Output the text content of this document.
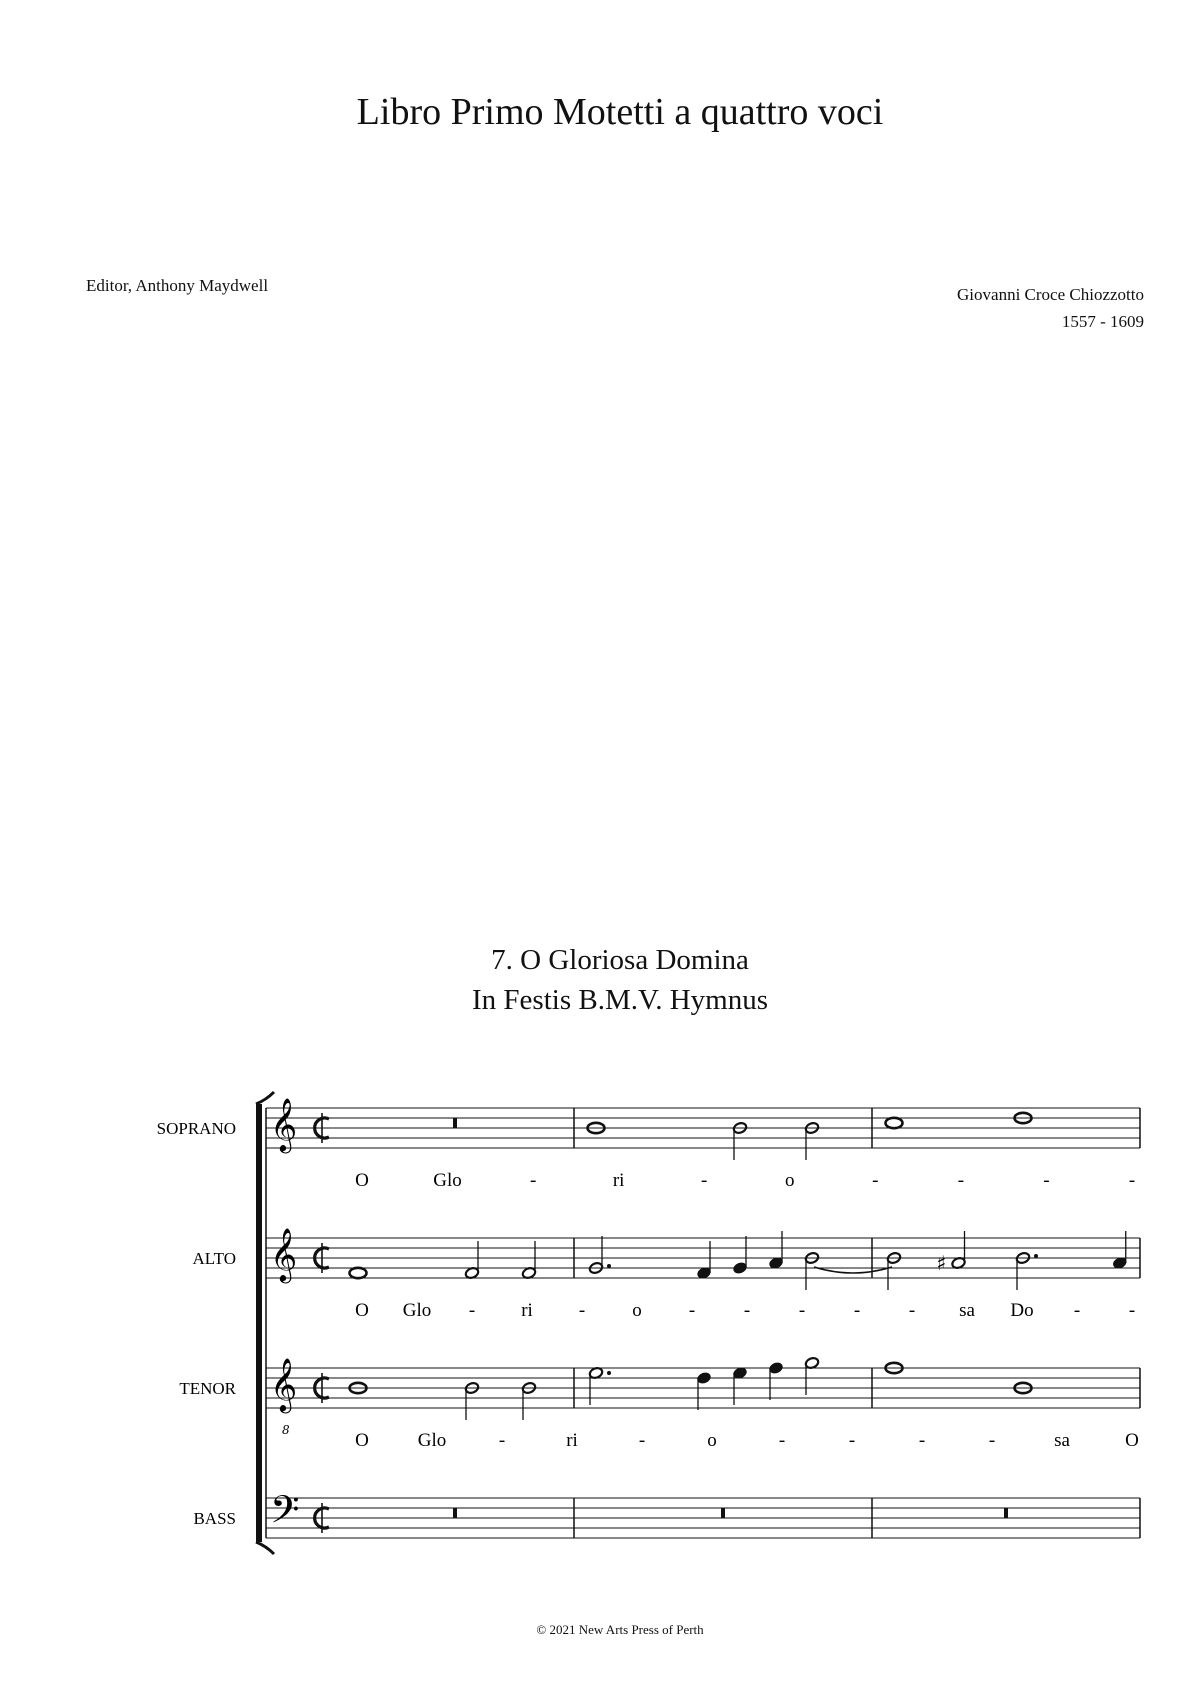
Libro Primo Motetti a quattro voci
Editor, Anthony Maydwell	Giovanni Croce Chiozzotto
1557 - 1609
7. O Gloriosa Domina
In Festis B.M.V. Hymnus
SOPRANO 𝄞
O	Glo	-	ri	-	o	-	-	-	-
ALTO 𝄞	♯
O Glo - ri - o -	-	-	-	- sa Do -	-
TENOR 𝄞
8	O	Glo	-	ri	-	o	-	-	-	-	sa	O
BASS 𝄢
© 2021 New Arts Press of Perth
